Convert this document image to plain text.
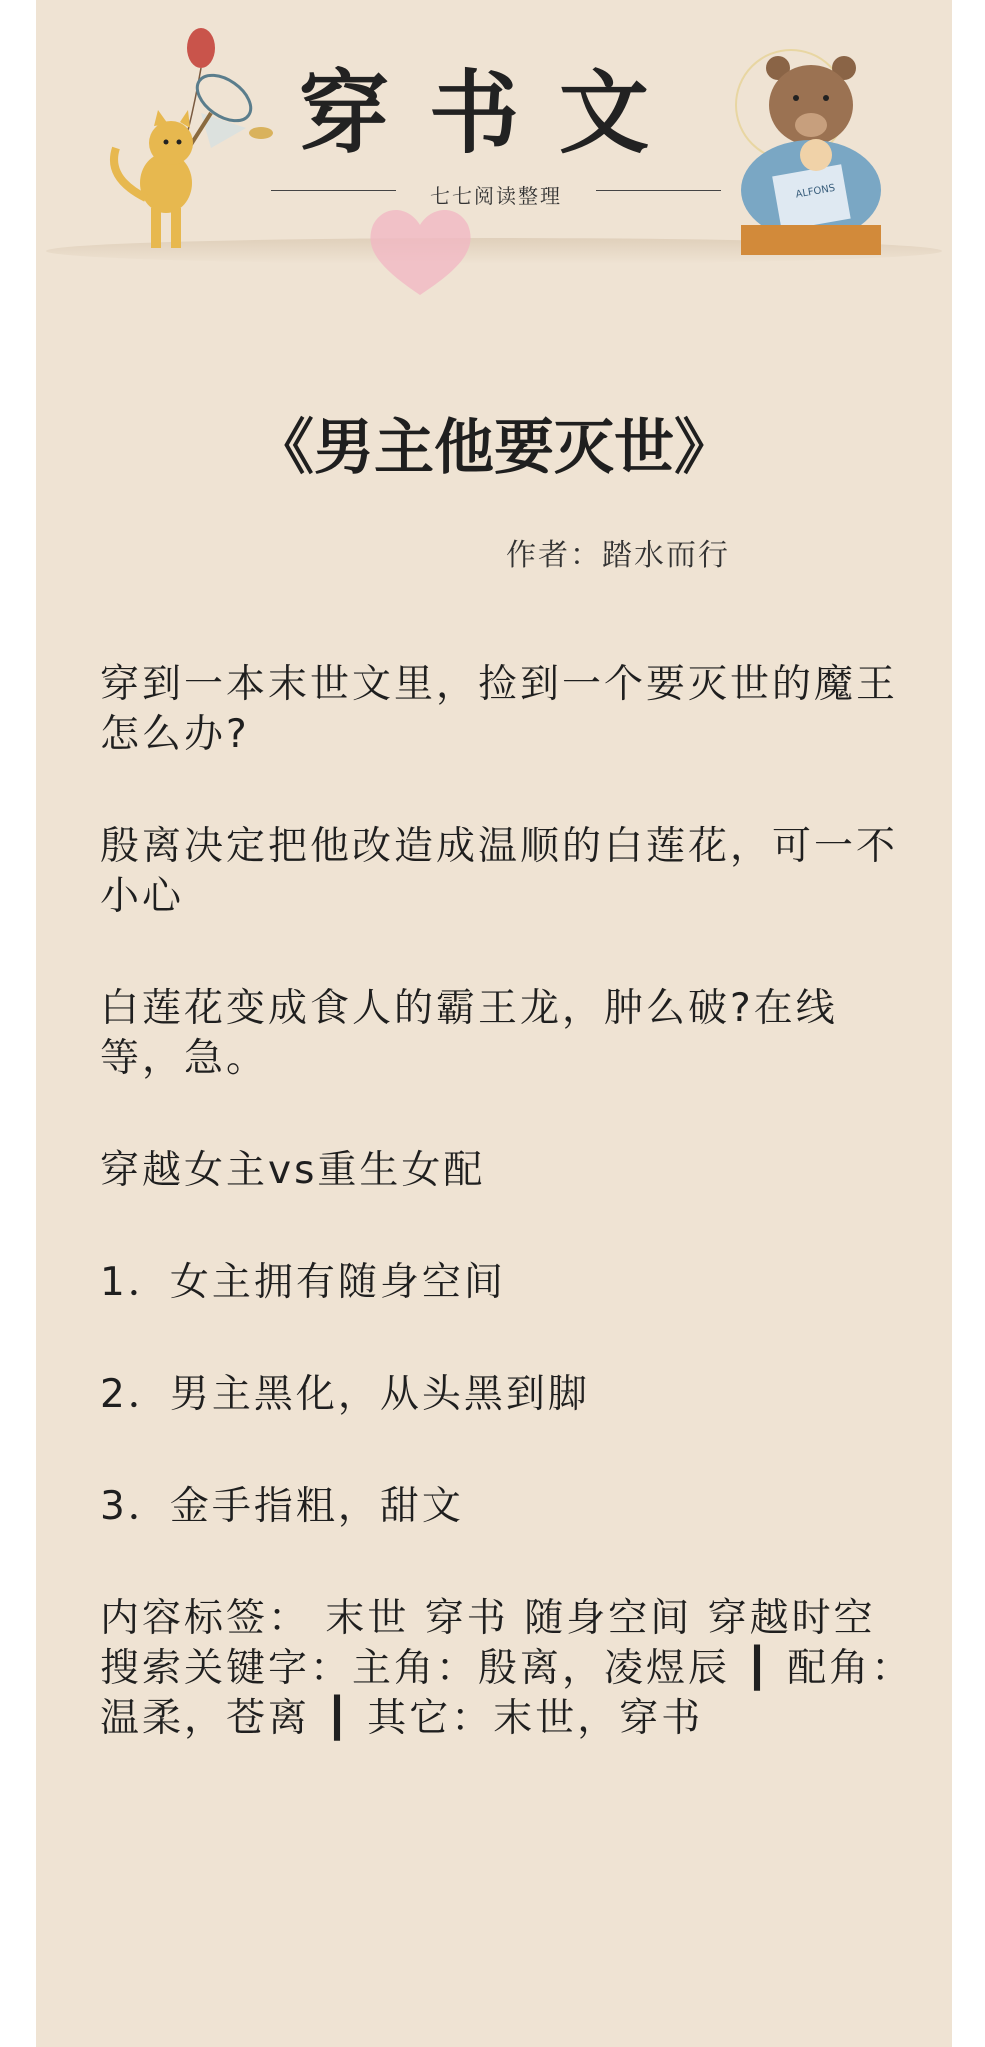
ALFONS
穿书文
七七阅读整理
《男主他要灭世》
作者：踏水而行

穿到一本末世文里，捡到一个要灭世的魔王怎么办?

殷离决定把他改造成温顺的白莲花，可一不小心

白莲花变成食人的霸王龙，肿么破?在线等，急。

穿越女主vs重生女配

1．女主拥有随身空间

2．男主黑化，从头黑到脚

3．金手指粗，甜文

内容标签： 末世 穿书 随身空间 穿越时空

搜索关键字：主角：殷离，凌煜辰 ┃ 配角：温柔，苍离 ┃ 其它：末世，穿书
